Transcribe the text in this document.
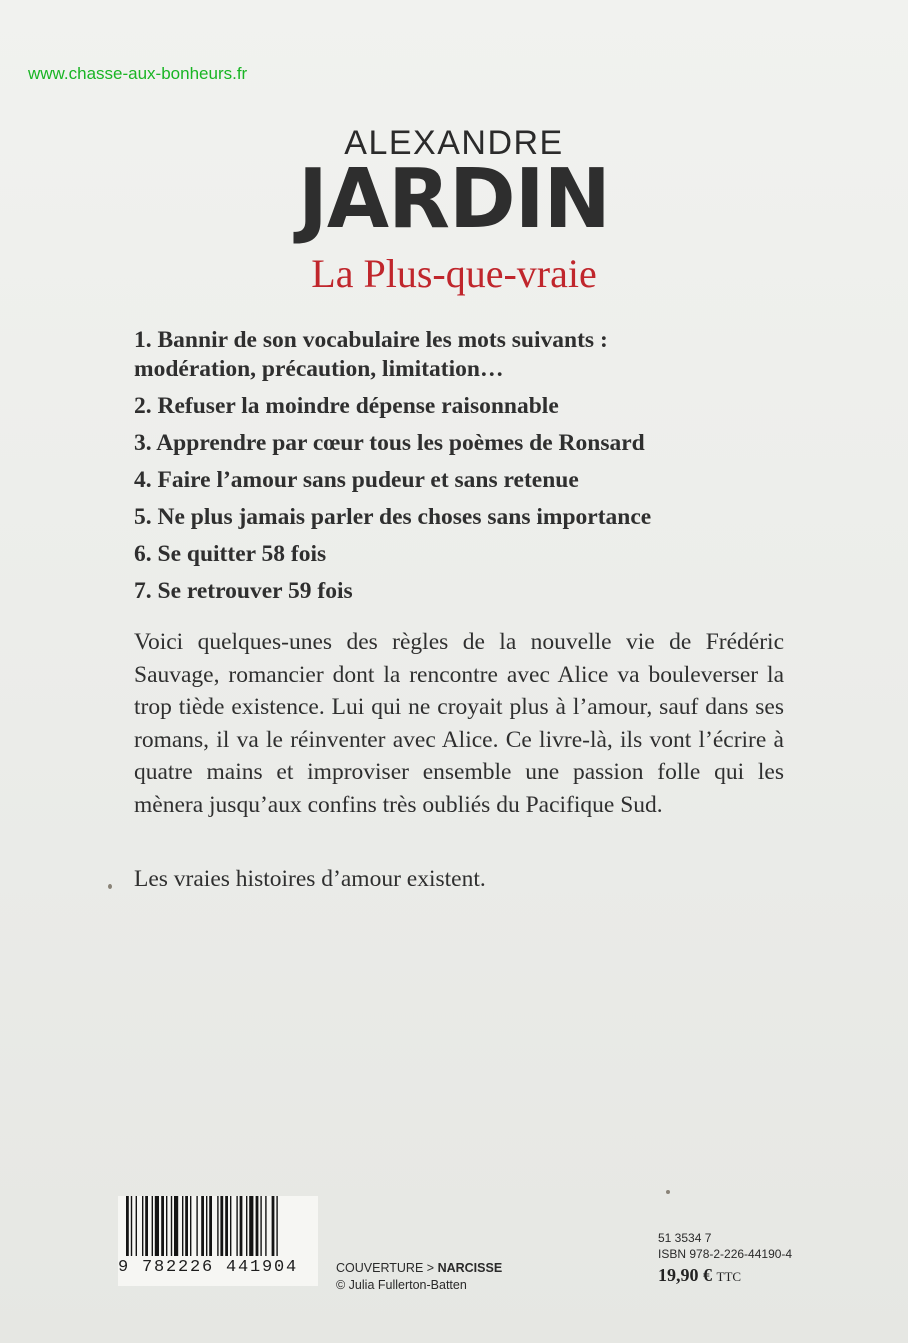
www.chasse-aux-bonheurs.fr
ALEXANDRE
JARDIN
La Plus-que-vraie

1. Bannir de son vocabulaire les mots suivants :
modération, précaution, limitation…

2. Refuser la moindre dépense raisonnable

3. Apprendre par cœur tous les poèmes de Ronsard

4. Faire l’amour sans pudeur et sans retenue

5. Ne plus jamais parler des choses sans importance

6. Se quitter 58 fois

7. Se retrouver 59 fois

Voici quelques-unes des règles de la nouvelle vie de Frédéric Sauvage, romancier dont la rencontre avec Alice va bouleverser la trop tiède existence. Lui qui ne croyait plus à l’amour, sauf dans ses romans, il va le réinventer avec Alice. Ce livre-là, ils vont l’écrire à quatre mains et improviser ensemble une passion folle qui les mènera jusqu’aux confins très oubliés du Pacifique Sud.
Les vraies histoires d’amour existent.
9 782226 441904	COUVERTURE > NARCISSE
© Julia Fullerton-Batten
51 3534 7
ISBN 978-2-226-44190-4
19,90 € TTC
